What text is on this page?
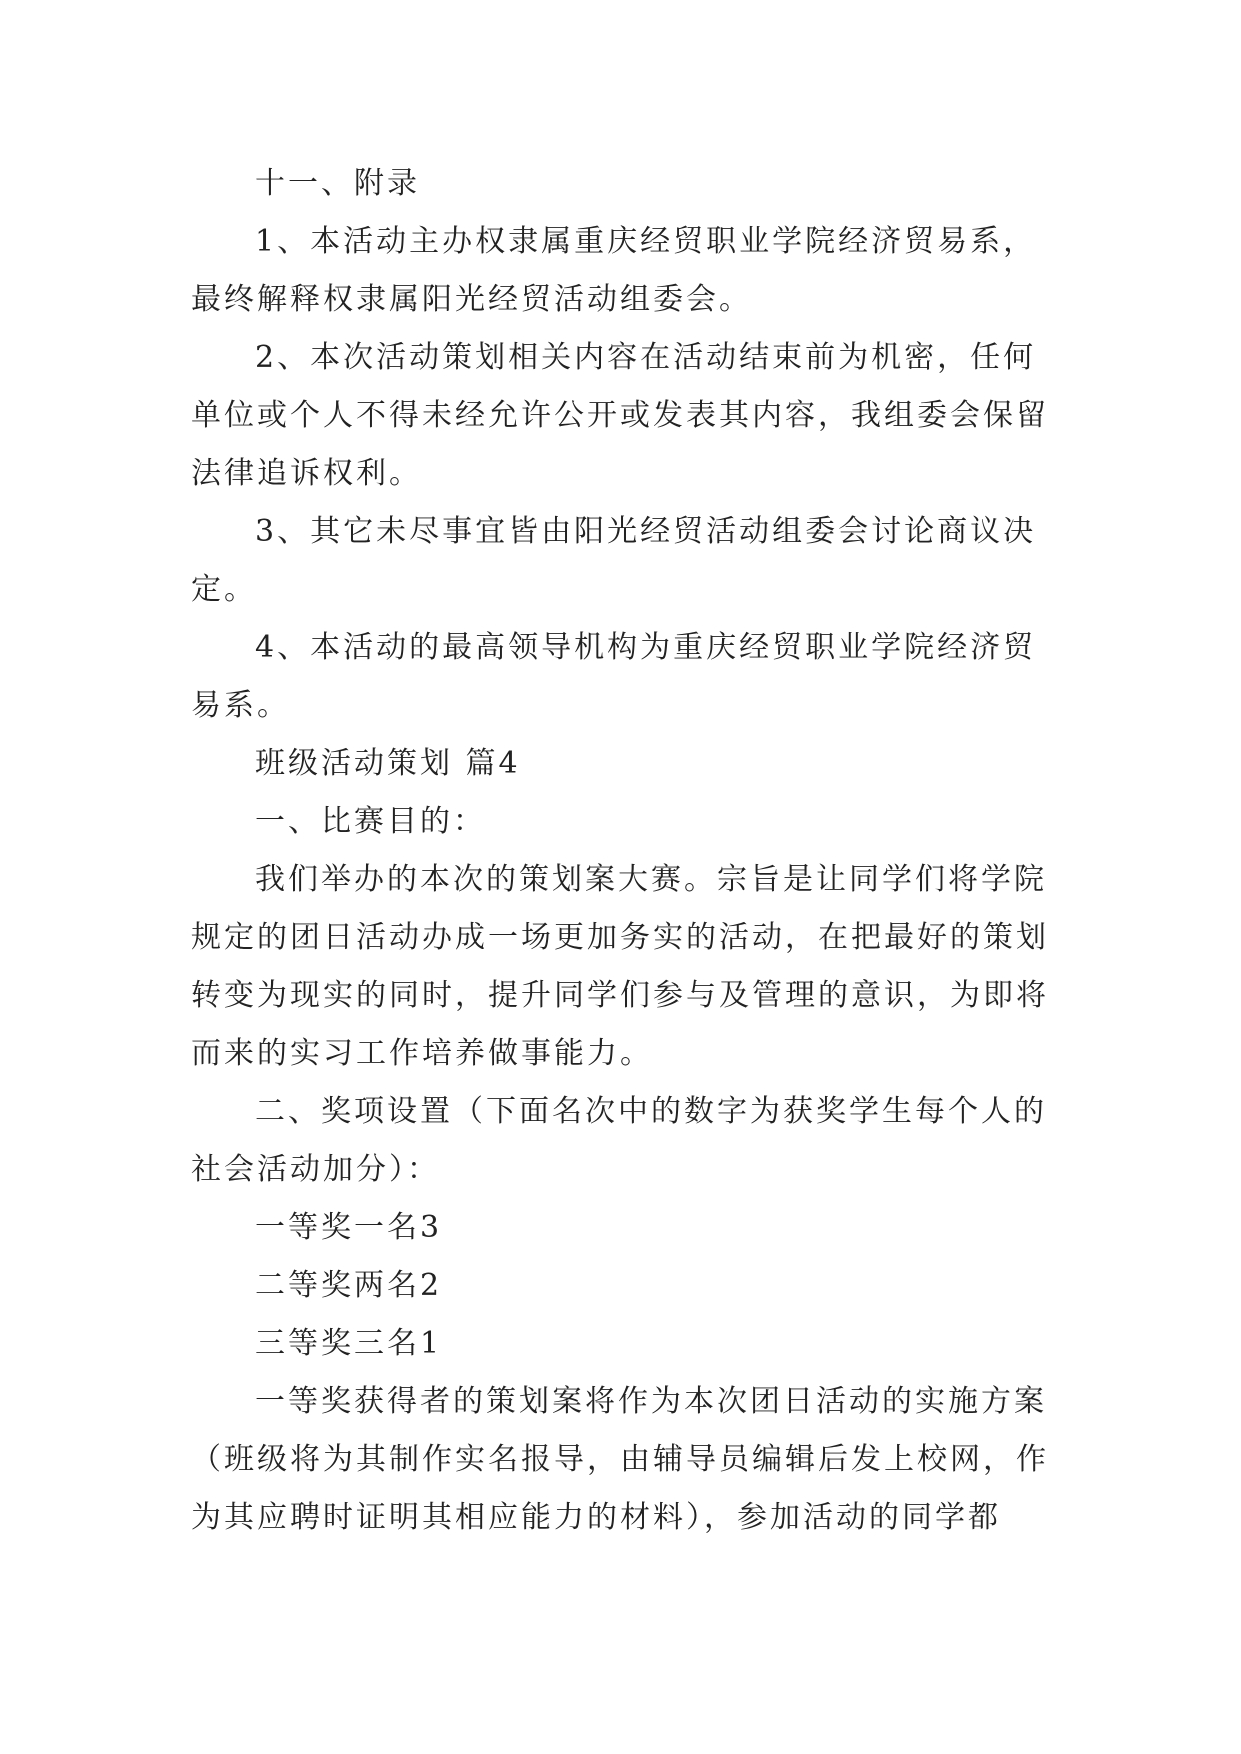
十一、附录

1、本活动主办权隶属重庆经贸职业学院经济贸易系，最终解释权隶属阳光经贸活动组委会。

2、本次活动策划相关内容在活动结束前为机密，任何单位或个人不得未经允许公开或发表其内容，我组委会保留法律追诉权利。

3、其它未尽事宜皆由阳光经贸活动组委会讨论商议决定。

4、本活动的最高领导机构为重庆经贸职业学院经济贸易系。

班级活动策划 篇4

一、比赛目的：

我们举办的本次的策划案大赛。宗旨是让同学们将学院规定的团日活动办成一场更加务实的活动，在把最好的策划转变为现实的同时，提升同学们参与及管理的意识，为即将而来的实习工作培养做事能力。

二、奖项设置（下面名次中的数字为获奖学生每个人的社会活动加分）：

一等奖一名3

二等奖两名2

三等奖三名1

一等奖获得者的策划案将作为本次团日活动的实施方案（班级将为其制作实名报导，由辅导员编辑后发上校网，作为其应聘时证明其相应能力的材料），参加活动的同学都
